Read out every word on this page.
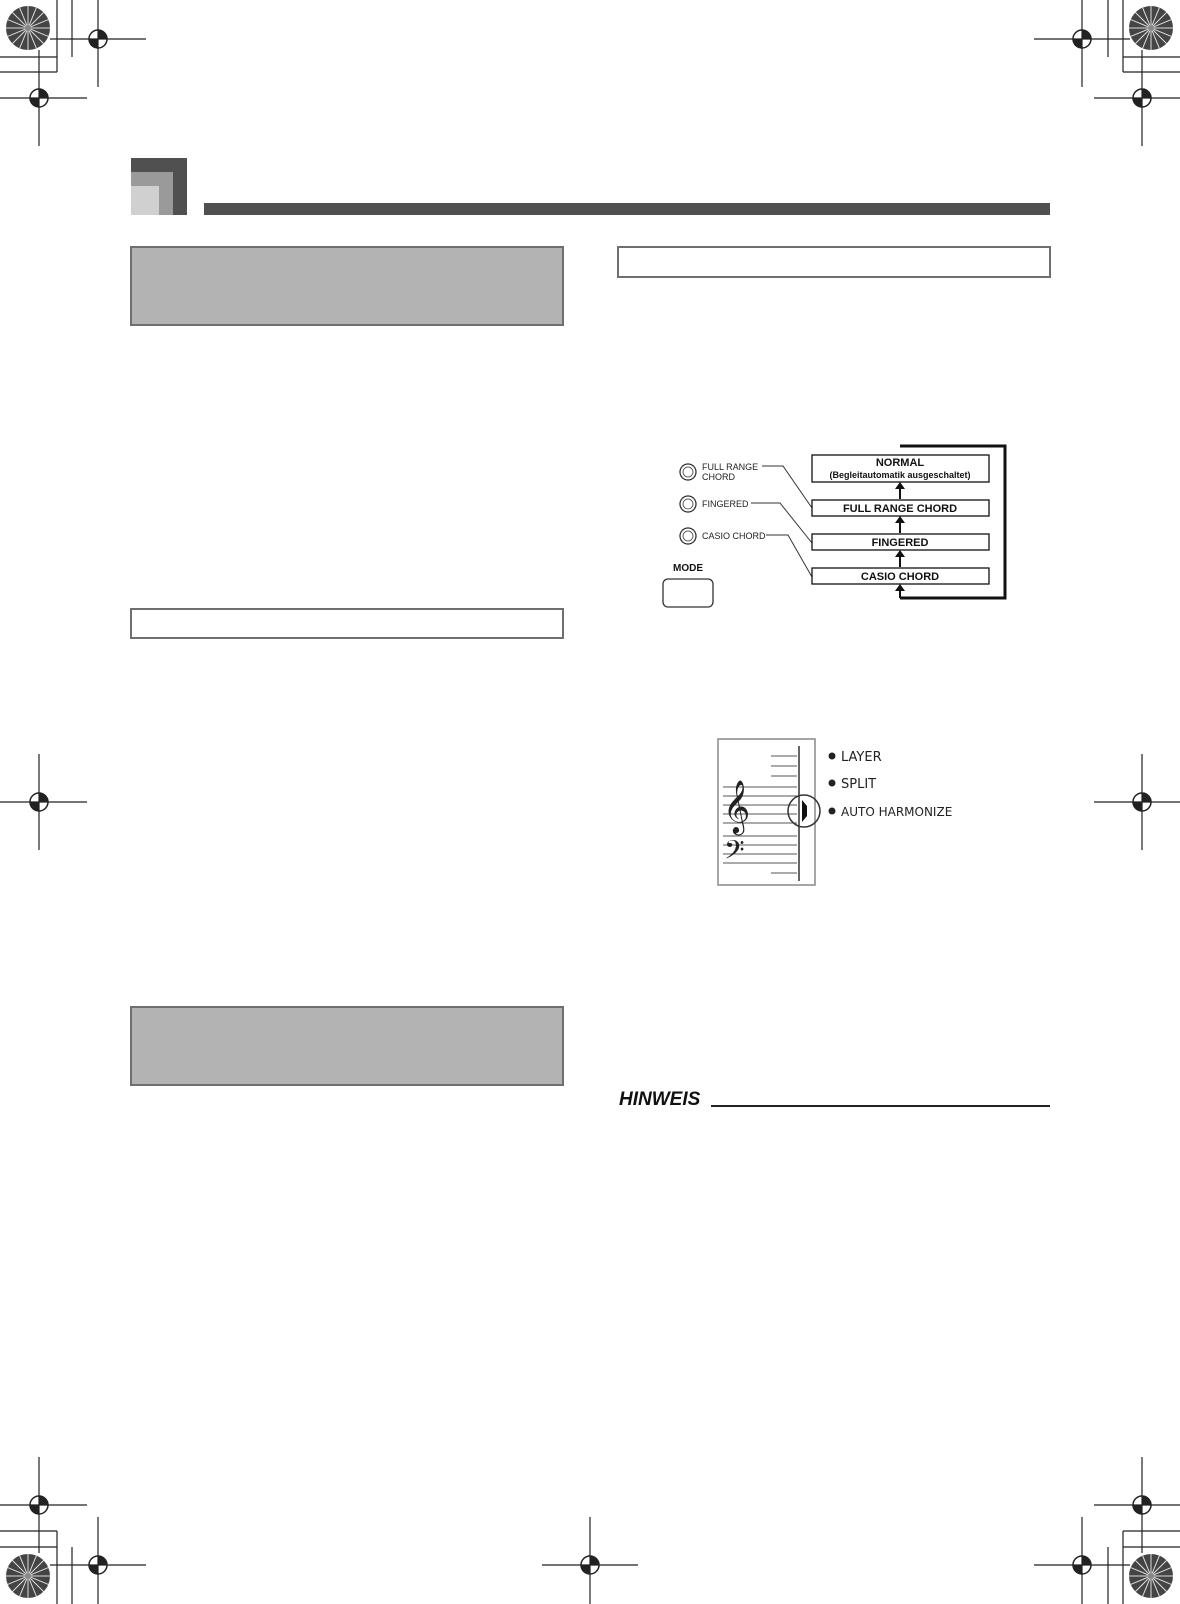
FULL RANGE
CHORD
FINGERED
CASIO CHORD
MODE
NORMAL
(Begleitautomatik ausgeschaltet)
FULL RANGE CHORD
FINGERED
CASIO CHORD
𝄞
𝄢
LAYER
SPLIT
AUTO HARMONIZE
HINWEIS
